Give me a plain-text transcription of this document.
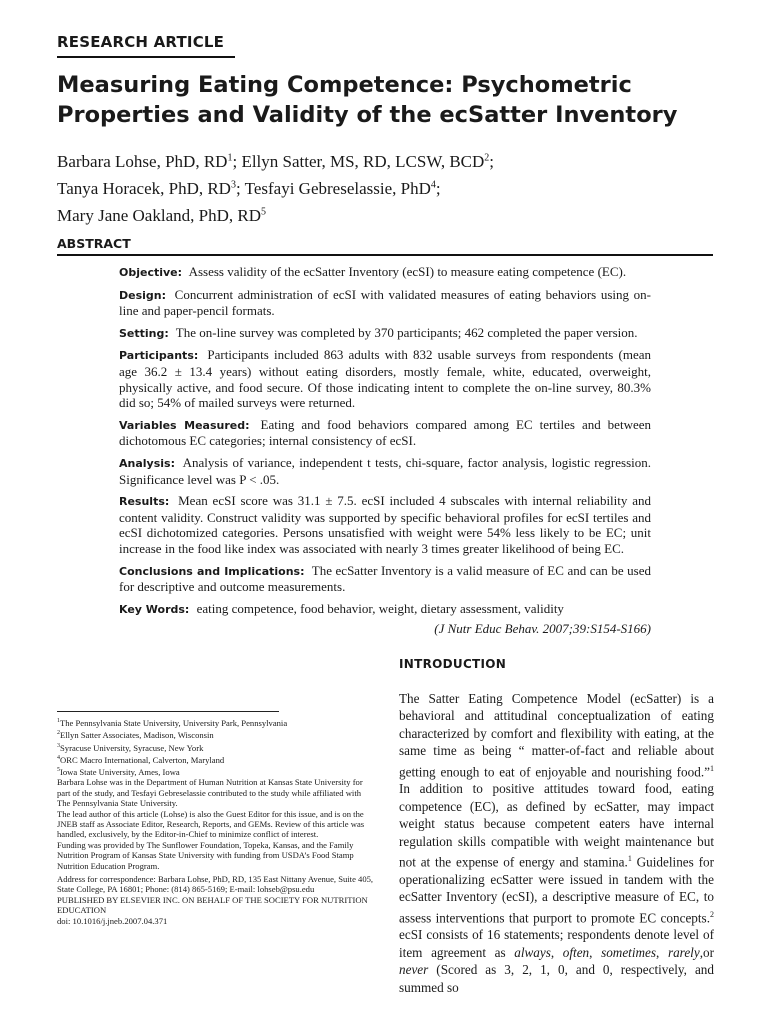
RESEARCH ARTICLE
Measuring Eating Competence: Psychometric Properties and Validity of the ecSatter Inventory
Barbara Lohse, PhD, $RD^1$; Ellyn Satter, MS, RD, LCSW, BCD$^2$;
Tanya Horacek, PhD, $RD^3$; Tesfayi Gebreselassie, PhD$^4$;
Mary Jane Oakland, PhD, $RD^5$
ABSTRACT

Objective: Assess validity of the ecSatter Inventory (ecSI) to measure eating competence (EC).

Design: Concurrent administration of ecSI with validated measures of eating behaviors using on-line and paper-pencil formats.

Setting: The on-line survey was completed by 370 participants; 462 completed the paper version.

Participants: Participants included 863 adults with 832 usable surveys from respondents (mean age 36.2 ± 13.4 years) without eating disorders, mostly female, white, educated, overweight, physically active, and food secure. Of those indicating intent to complete the on-line survey, 80.3% did so; 54% of mailed surveys were returned.

Variables Measured: Eating and food behaviors compared among EC tertiles and between dichotomous EC categories; internal consistency of ecSI.

Analysis: Analysis of variance, independent t tests, chi-square, factor analysis, logistic regression. Significance level was P < .05.

Results: Mean ecSI score was 31.1 ± 7.5. ecSI included 4 subscales with internal reliability and content validity. Construct validity was supported by specific behavioral profiles for ecSI tertiles and ecSI dichotomized categories. Persons unsatisfied with weight were 54% less likely to be EC; unit increase in the food like index was associated with nearly 3 times greater likelihood of being EC.

Conclusions and Implications: The ecSatter Inventory is a valid measure of EC and can be used for descriptive and outcome measurements.

Key Words: eating competence, food behavior, weight, dietary assessment, validity

(J Nutr Educ Behav. 2007;39:S154-S166)
INTRODUCTION
The Satter Eating Competence Model (ecSatter) is a behavioral and attitudinal conceptualization of eating characterized by comfort and flexibility with eating, at the same time as being “ matter-of-fact and reliable about getting enough to eat of enjoyable and nourishing food.”$^1$ In addition to positive attitudes toward food, eating competence (EC), as defined by ecSatter, may impact weight status because competent eaters have internal regulation skills compatible with weight maintenance but not at the expense of energy and stamina.$^1$ Guidelines for operationalizing ecSatter were issued in tandem with the ecSatter Inventory (ecSI), a descriptive measure of EC, to assess interventions that purport to promote EC concepts.$^2$ ecSI consists of 16 statements; respondents denote level of item agreement as always, often, sometimes, rarely,or never (Scored as 3, 2, 1, 0, and 0, respectively, and summed so

$^1$The Pennsylvania State University, University Park, Pennsylvania

$^2$Ellyn Satter Associates, Madison, Wisconsin

$^3$Syracuse University, Syracuse, New York

$^4$ORC Macro International, Calverton, Maryland

$^5$Iowa State University, Ames, Iowa

Barbara Lohse was in the Department of Human Nutrition at Kansas State University for part of the study, and Tesfayi Gebreselassie contributed to the study while affiliated with The Pennsylvania State University.

The lead author of this article (Lohse) is also the Guest Editor for this issue, and is on the JNEB staff as Associate Editor, Research, Reports, and GEMs. Review of this article was handled, exclusively, by the Editor-in-Chief to minimize conflict of interest.

Funding was provided by The Sunflower Foundation, Topeka, Kansas, and the Family Nutrition Program of Kansas State University with funding from USDA’s Food Stamp Nutrition Education Program.

Address for correspondence: Barbara Lohse, PhD, RD, 135 East Nittany Avenue, Suite 405, State College, PA 16801; Phone: (814) 865-5169; E-mail: lohseb@psu.edu

PUBLISHED BY ELSEVIER INC. ON BEHALF OF THE SOCIETY FOR NUTRITION EDUCATION

doi: 10.1016/j.jneb.2007.04.371
